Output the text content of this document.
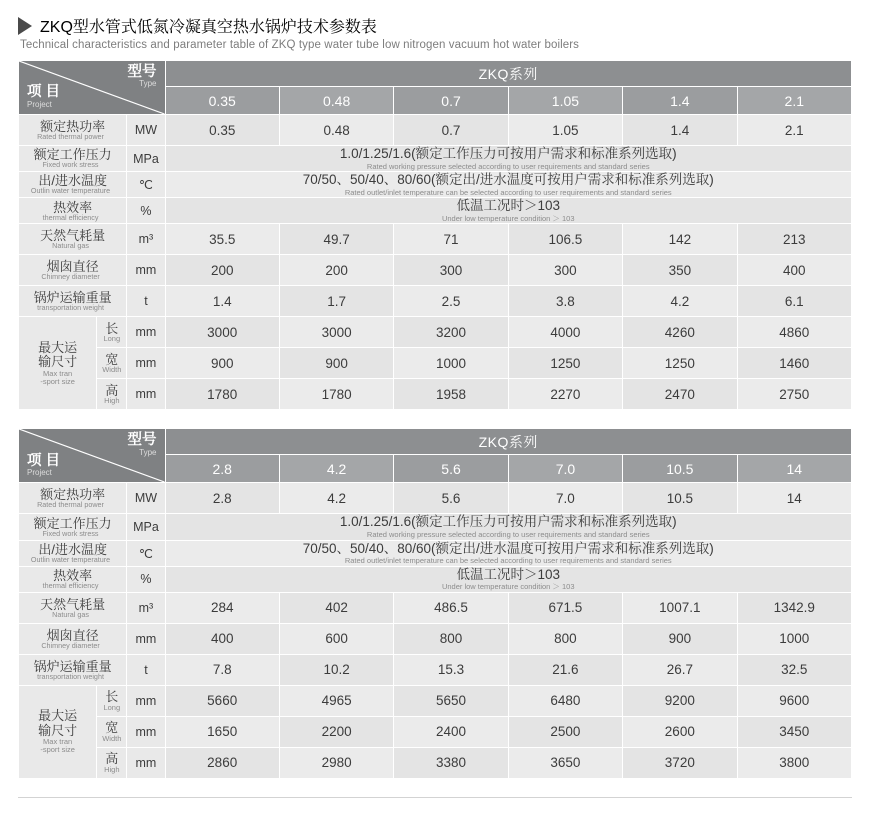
ZKQ型水管式低氮冷凝真空热水锅炉技术参数表
Technical characteristics and parameter table of ZKQ type water tube low nitrogen vacuum hot water boilers
型号
Type
项 目
Project			ZKQ系列					
			0.35	0.48	0.7	1.05	1.4	2.1

额定热功率
Rated thermal power		MW	0.35	0.48	0.7	1.05	1.4	2.1

额定工作压力
Fixed work stress		MPa	1.0/1.25/1.6(额定工作压力可按用户需求和标准系列选取)
Rated working pressure selected according to user requirements and standard series					

出/进水温度
Outlin water temperature		℃	70/50、50/40、80/60(额定出/进水温度可按用户需求和标准系列选取)
Rated outlet/inlet temperature can be selected according to user requirements and standard series					

热效率
thermal efficiency		%	低温工况时＞103
Under low temperature condition ＞ 103					

天然气耗量
Natural gas		m³	35.5	49.7	71	106.5	142	213

烟囱直径
Chimney diameter		mm	200	200	300	300	350	400

锅炉运输重量
transportation weight		t	1.4	1.7	2.5	3.8	4.2	6.1

最大运
输尺寸
Max tran
-sport size	长
Long	mm	3000	3000	3200	4000	4260	4860

	宽
Width	mm	900	900	1000	1250	1250	1460

	高
High	mm	1780	1780	1958	2270	2470	2750
型号
Type
项 目
Project			ZKQ系列					
			2.8	4.2	5.6	7.0	10.5	14

额定热功率
Rated thermal power		MW	2.8	4.2	5.6	7.0	10.5	14

额定工作压力
Fixed work stress		MPa	1.0/1.25/1.6(额定工作压力可按用户需求和标准系列选取)
Rated working pressure selected according to user requirements and standard series					

出/进水温度
Outlin water temperature		℃	70/50、50/40、80/60(额定出/进水温度可按用户需求和标准系列选取)
Rated outlet/inlet temperature can be selected according to user requirements and standard series					

热效率
thermal efficiency		%	低温工况时＞103
Under low temperature condition ＞ 103					

天然气耗量
Natural gas		m³	284	402	486.5	671.5	1007.1	1342.9

烟囱直径
Chimney diameter		mm	400	600	800	800	900	1000

锅炉运输重量
transportation weight		t	7.8	10.2	15.3	21.6	26.7	32.5

最大运
输尺寸
Max tran
-sport size	长
Long	mm	5660	4965	5650	6480	9200	9600

	宽
Width	mm	1650	2200	2400	2500	2600	3450

	高
High	mm	2860	2980	3380	3650	3720	3800
